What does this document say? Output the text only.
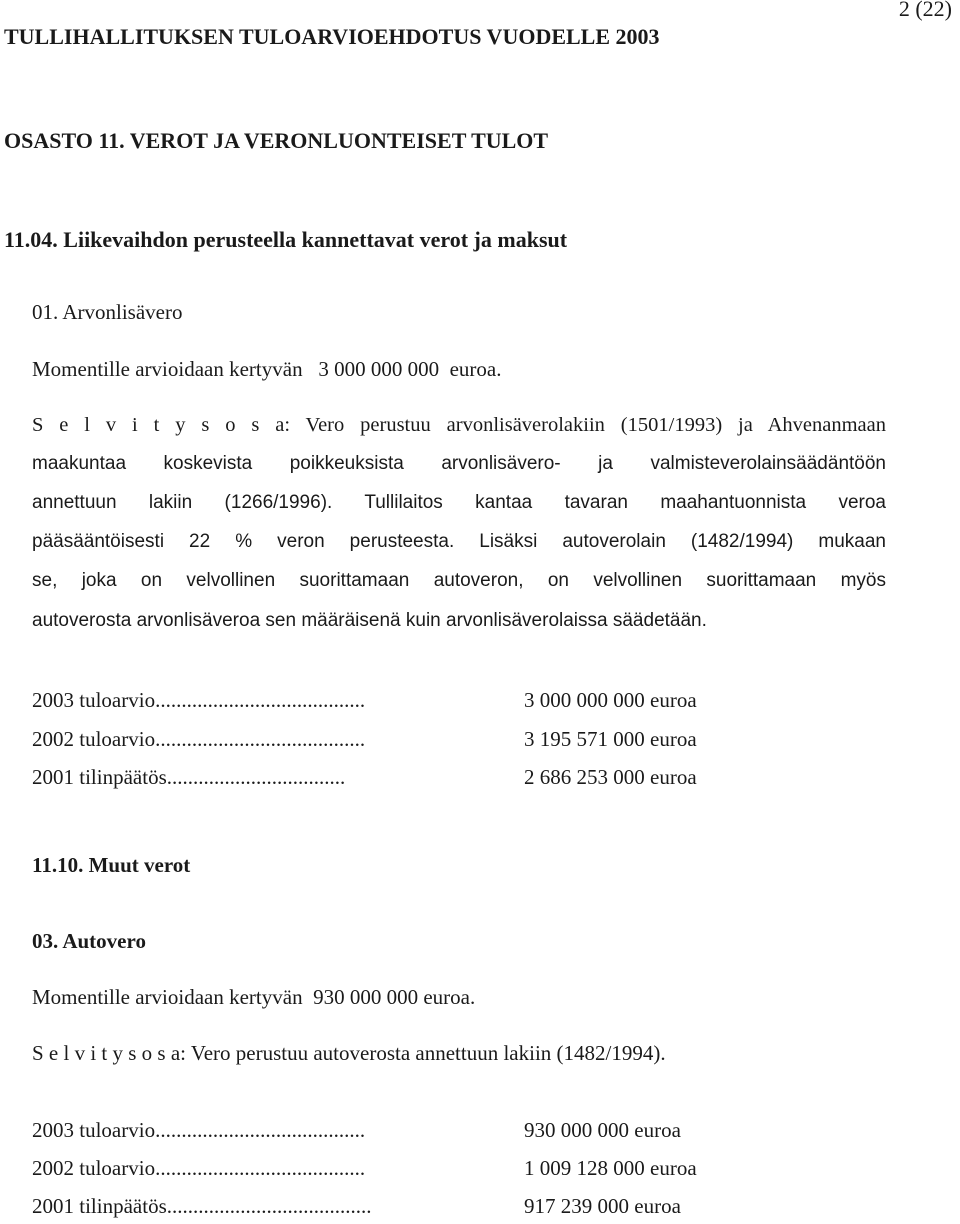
2 (22)
TULLIHALLITUKSEN TULOARVIOEHDOTUS VUODELLE 2003
OSASTO 11. VEROT JA VERONLUONTEISET TULOT
11.04. Liikevaihdon perusteella kannettavat verot ja maksut
01. Arvonlisävero
Momentille arvioidaan kertyvän   3 000 000 000  euroa.
S e l v i t y s o s a: Vero perustuu arvonlisäverolakiin (1501/1993) ja Ahvenanmaan
maakuntaa koskevista poikkeuksista arvonlisävero- ja valmisteverolainsäädäntöön
annettuun lakiin (1266/1996). Tullilaitos kantaa tavaran maahantuonnista veroa
pääsääntöisesti 22 % veron perusteesta. Lisäksi autoverolain (1482/1994) mukaan
se, joka on velvollinen suorittamaan autoveron, on velvollinen suorittamaan myös
autoverosta arvonlisäveroa sen määräisenä kuin arvonlisäverolaissa säädetään.
2003 tuloarvio........................................	3 000 000 000 euroa
2002 tuloarvio........................................	3 195 571 000 euroa
2001 tilinpäätös..................................	2 686 253 000 euroa
11.10. Muut verot
03. Autovero
Momentille arvioidaan kertyvän  930 000 000 euroa.
S e l v i t y s o s a: Vero perustuu autoverosta annettuun lakiin (1482/1994).
2003 tuloarvio........................................	930 000 000 euroa
2002 tuloarvio........................................	1 009 128 000 euroa
2001 tilinpäätös.......................................	917 239 000 euroa
